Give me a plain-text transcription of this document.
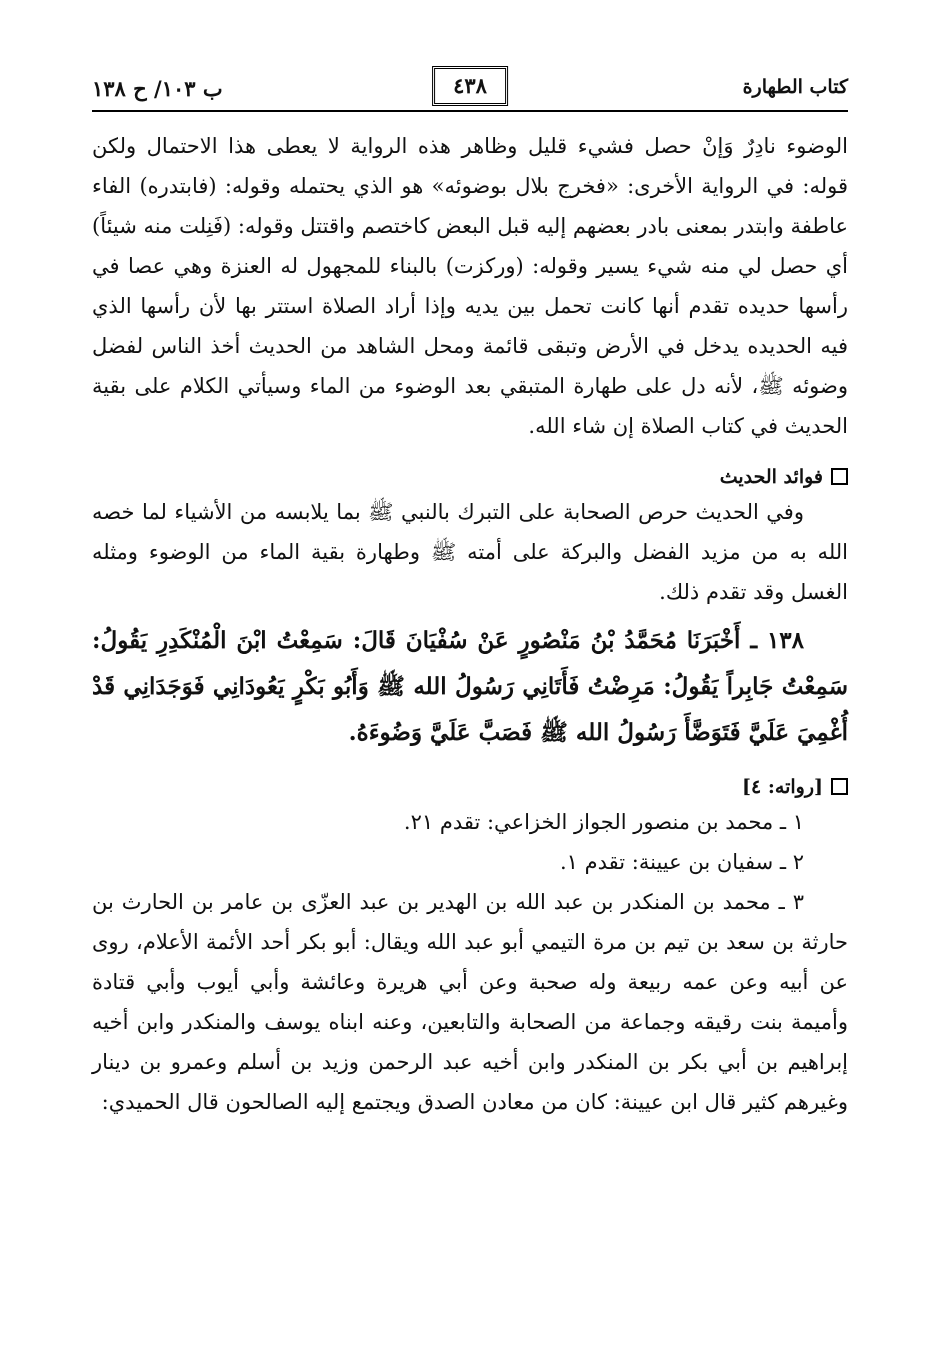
كتاب الطهارة
٤٣٨
ب ١٠٣/ ح ١٣٨

الوضوء نادِرٌ وَإنْ حصل فشيء قليل وظاهر هذه الرواية لا يعطى هذا الاحتمال ولكن قوله: في الرواية الأخرى: «فخرج بلال بوضوئه» هو الذي يحتمله وقوله: (فابتدره) الفاء عاطفة وابتدر بمعنى بادر بعضهم إليه قبل البعض كاختصم واقتتل وقوله: (فَنِلت منه شيئاً) أي حصل لي منه شيء يسير وقوله: (وركزت) بالبناء للمجهول له العنزة وهي عصا في رأسها حديده تقدم أنها كانت تحمل بين يديه وإذا أراد الصلاة استتر بها لأن رأسها الذي فيه الحديده يدخل في الأرض وتبقى قائمة ومحل الشاهد من الحديث أخذ الناس لفضل وضوئه ﷺ، لأنه دل على طهارة المتبقي بعد الوضوء من الماء وسيأتي الكلام على بقية الحديث في كتاب الصلاة إن شاء الله.

فوائد الحديث

وفي الحديث حرص الصحابة على التبرك بالنبي ﷺ بما يلابسه من الأشياء لما خصه الله به من مزيد الفضل والبركة على أمته ﷺ وطهارة بقية الماء من الوضوء ومثله الغسل وقد تقدم ذلك.

١٣٨ ـ أَخْبَرَنَا مُحَمَّدُ بْنُ مَنْصُورٍ عَنْ سُفْيَانَ قَالَ: سَمِعْتُ ابْنَ الْمُنْكَدِرِ يَقُولُ: سَمِعْتُ جَابِراً يَقُولُ: مَرِضْتُ فَأَتَانِي رَسُولُ الله ﷺ وَأَبُو بَكْرٍ يَعُودَانِي فَوَجَدَانِي قَدْ أُغْمِيَ عَلَيَّ فَتَوَضَّأَ رَسُولُ الله ﷺ فَصَبَّ عَلَيَّ وَضُوءَهُ.

[رواته: ٤]

١ ـ محمد بن منصور الجواز الخزاعي: تقدم ٢١.

٢ ـ سفيان بن عيينة: تقدم ١.

٣ ـ محمد بن المنكدر بن عبد الله بن الهدير بن عبد العزّى بن عامر بن الحارث بن حارثة بن سعد بن تيم بن مرة التيمي أبو عبد الله ويقال: أبو بكر أحد الأئمة الأعلام، روى عن أبيه وعن عمه ربيعة وله صحبة وعن أبي هريرة وعائشة وأبي أيوب وأبي قتادة وأميمة بنت رقيقه وجماعة من الصحابة والتابعين، وعنه ابناه يوسف والمنكدر وابن أخيه إبراهيم بن أبي بكر بن المنكدر وابن أخيه عبد الرحمن وزيد بن أسلم وعمرو بن دينار وغيرهم كثير قال ابن عيينة: كان من معادن الصدق ويجتمع إليه الصالحون قال الحميدي:
